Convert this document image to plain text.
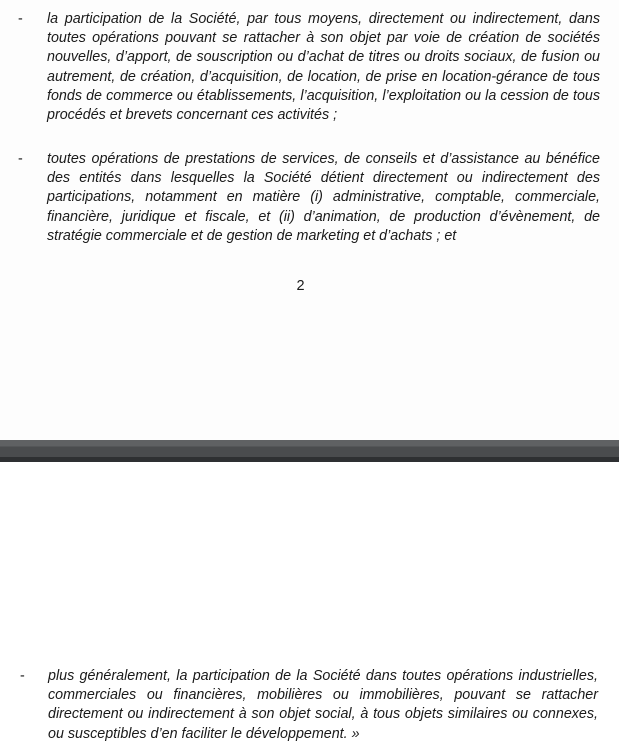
-	la participation de la Société, par tous moyens, directement ou indirectement, dans toutes opérations pouvant se rattacher à son objet par voie de création de sociétés nouvelles, d’apport, de souscription ou d’achat de titres ou droits sociaux, de fusion ou autrement, de création, d’acquisition, de location, de prise en location-gérance de tous fonds de commerce ou établissements, l’acquisition, l’exploitation ou la cession de tous procédés et brevets concernant ces activités ;
-	toutes opérations de prestations de services, de conseils et d’assistance au bénéfice des entités dans lesquelles la Société détient directement ou indirectement des participations, notamment en matière (i) administrative, comptable, commerciale, financière, juridique et fiscale, et (ii) d’animation, de production d’évènement, de stratégie commerciale et de gestion de marketing et d’achats ; et
2
-	plus généralement, la participation de la Société dans toutes opérations industrielles, commerciales ou financières, mobilières ou immobilières, pouvant se rattacher directement ou indirectement à son objet social, à tous objets similaires ou connexes, ou susceptibles d’en faciliter le développement. »
